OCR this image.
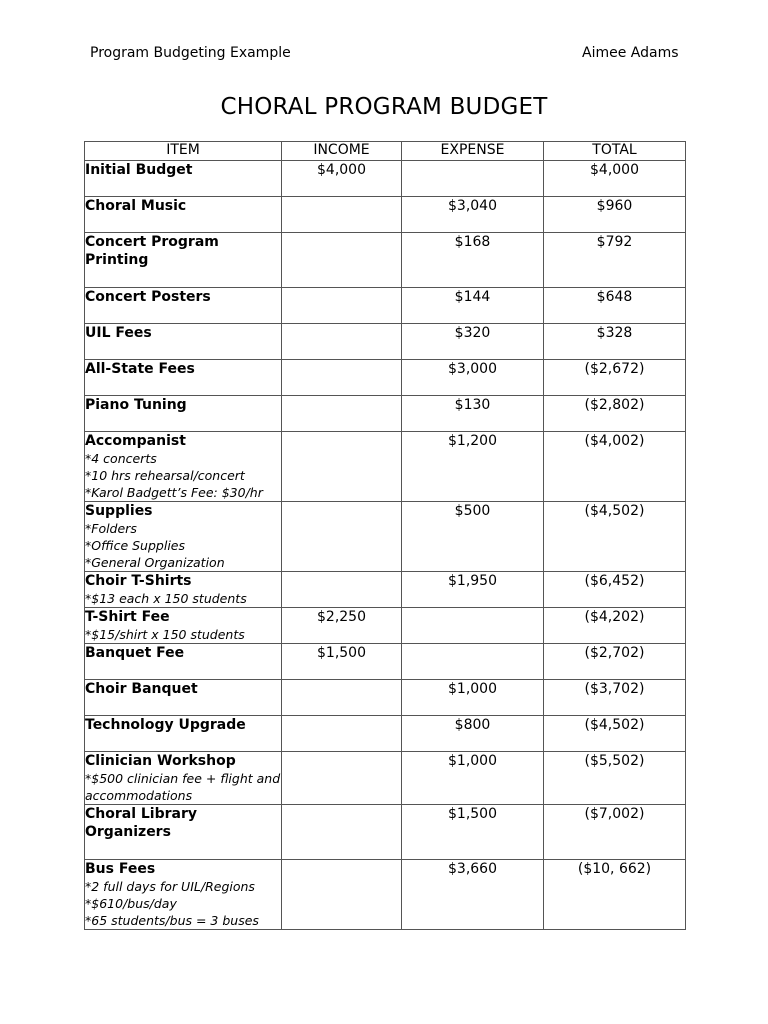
Program Budgeting Example	Aimee Adams
CHORAL PROGRAM BUDGET
ITEM	INCOME	EXPENSE	TOTAL

Initial Budget	$4,000		$4,000

Choral Music		$3,040	$960

Concert Program Printing		$168	$792

Concert Posters		$144	$648

UIL Fees		$320	$328

All-State Fees		$3,000	($2,672)

Piano Tuning		$130	($2,802)

Accompanist
*4 concerts
*10 hrs rehearsal/concert
*Karol Badgett’s Fee: $30/hr		$1,200	($4,002)

Supplies
*Folders
*Office Supplies
*General Organization		$500	($4,502)

Choir T-Shirts
*$13 each x 150 students		$1,950	($6,452)

T-Shirt Fee
*$15/shirt x 150 students	$2,250		($4,202)

Banquet Fee	$1,500		($2,702)

Choir Banquet		$1,000	($3,702)

Technology Upgrade		$800	($4,502)

Clinician Workshop
*$500 clinician fee + flight and accommodations		$1,000	($5,502)

Choral Library Organizers		$1,500	($7,002)

Bus Fees
*2 full days for UIL/Regions
*$610/bus/day
*65 students/bus = 3 buses		$3,660	($10, 662)
